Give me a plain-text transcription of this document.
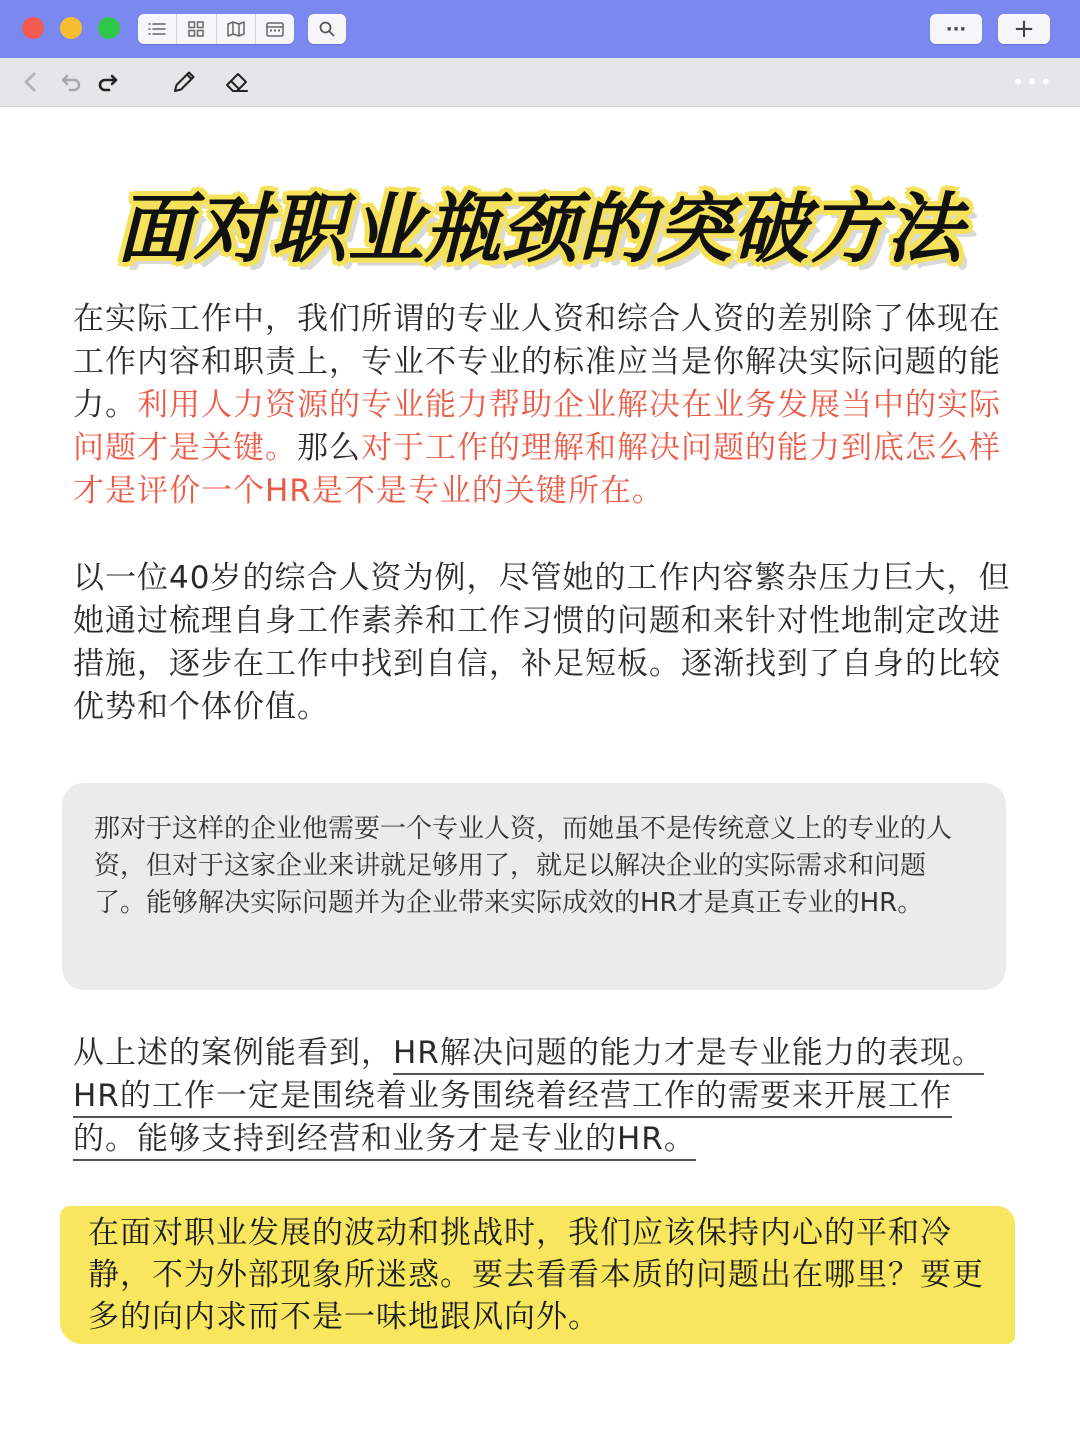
···	+
•••
面对职业瓶颈的突破方法
在实际工作中，我们所谓的专业人资和综合人资的差别除了体现在工作内容和职责上，专业不专业的标准应当是你解决实际问题的能力。利用人力资源的专业能力帮助企业解决在业务发展当中的实际问题才是关键。那么对于工作的理解和解决问题的能力到底怎么样才是评价一个HR是不是专业的关键所在。
以一位40岁的综合人资为例，尽管她的工作内容繁杂压力巨大，但她通过梳理自身工作素养和工作习惯的问题和来针对性地制定改进措施，逐步在工作中找到自信，补足短板。逐渐找到了自身的比较优势和个体价值。
那对于这样的企业他需要一个专业人资，而她虽不是传统意义上的专业的人资，但对于这家企业来讲就足够用了，就足以解决企业的实际需求和问题了。能够解决实际问题并为企业带来实际成效的HR才是真正专业的HR。
从上述的案例能看到，HR解决问题的能力才是专业能力的表现。HR的工作一定是围绕着业务围绕着经营工作的需要来开展工作的。能够支持到经营和业务才是专业的HR。
在面对职业发展的波动和挑战时，我们应该保持内心的平和冷静，不为外部现象所迷惑。要去看看本质的问题出在哪里？要更多的向内求而不是一味地跟风向外。
